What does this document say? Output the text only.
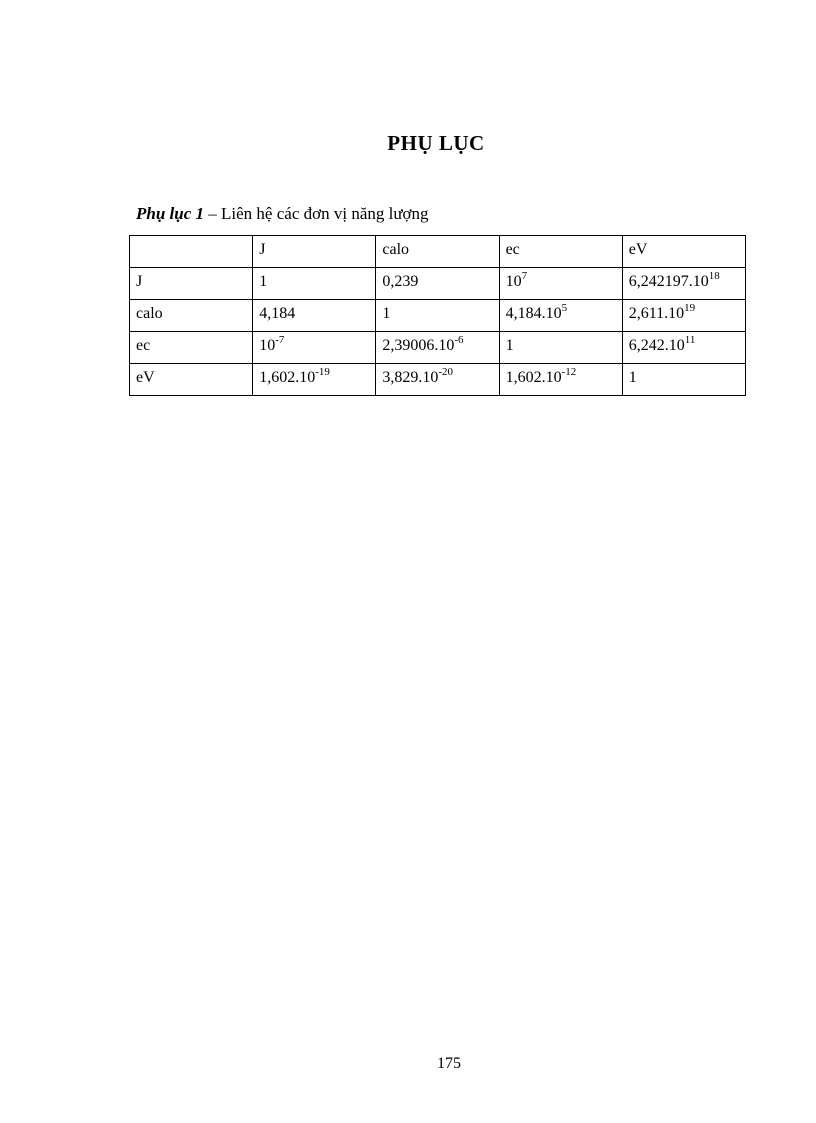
PHỤ LỤC
Phụ lục 1 – Liên hệ các đơn vị năng lượng
	J	calo	ec	eV
J	1	0,239	$10^7$	6,242197.10$^{18}$
calo	4,184	1	4,184.10$^5$	2,611.10$^{19}$
ec	$10^{-7}$	$2,39006.10^{-6}$	1	6,242.10$^{11}$
eV	$1,602.10^{-19}$	$3,829.10^{-20}$	$1,602.10^{-12}$	1
175
